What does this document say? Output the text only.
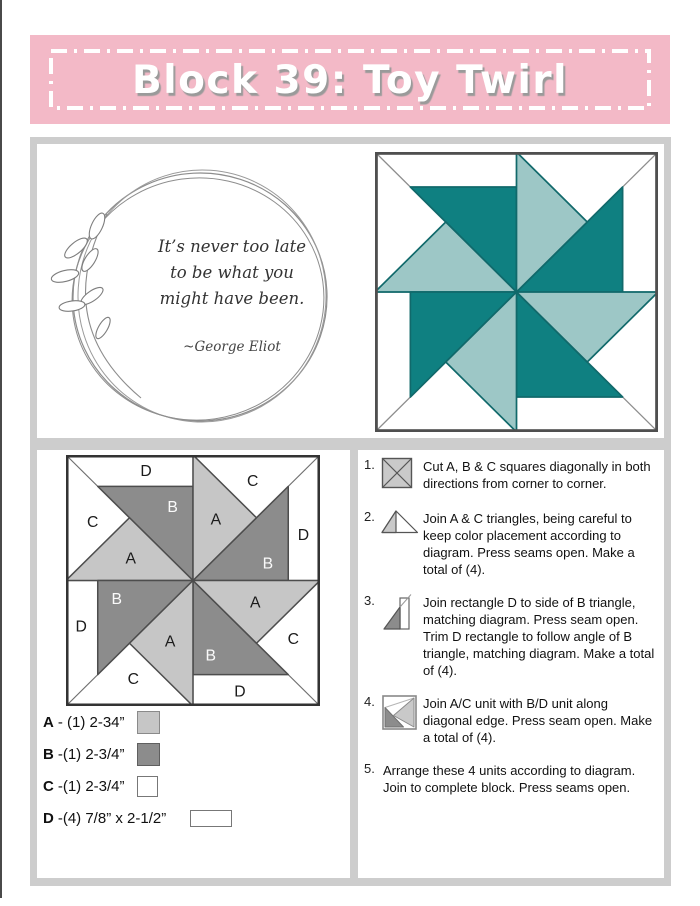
Block 39: Toy Twirl
It’s never too late
to be what you
might have been.
~George Eliot
D
C
B
A
C
A
D
B
B
D
A
C
A
B
C
D
A - (1) 2-34”
B -(1) 2-3/4”
C -(1) 2-3/4”
D -(4) 7/8” x 2-1/2”
1.	Cut A, B & C squares diagonally in both directions from corner to corner.
2.	Join A & C triangles, being careful to keep color placement according to diagram. Press seams open. Make a total of (4).
3.	Join rectangle D to side of B triangle, matching diagram. Press seam open. Trim D rectangle to follow angle of B triangle, matching diagram. Make a total of (4).
4.	Join A/C unit with B/D unit along diagonal edge. Press seam open. Make a total of (4).
5. Arrange these 4 units according to diagram. Join to complete block. Press seams open.
